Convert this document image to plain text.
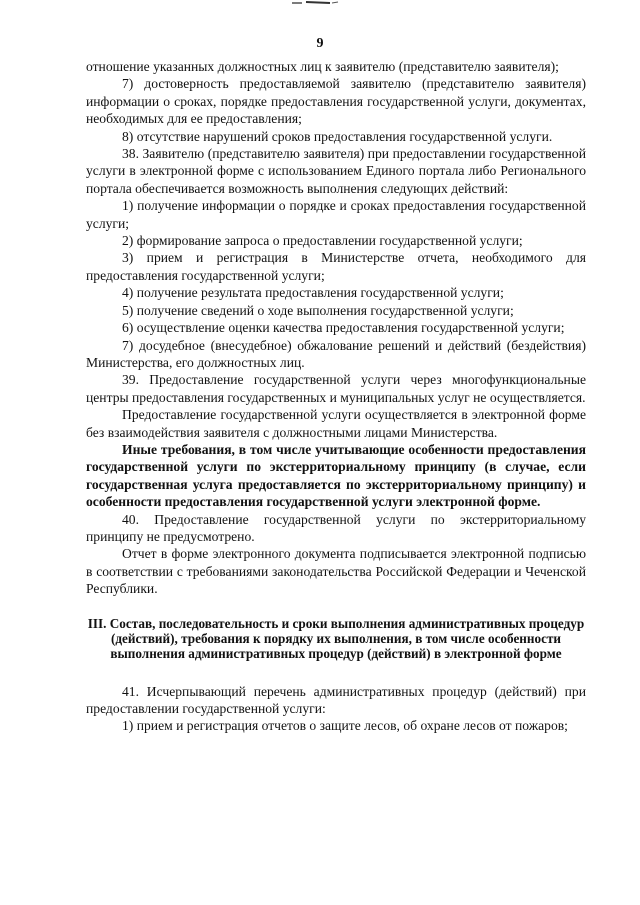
9

отношение указанных должностных лиц к заявителю (представителю заявителя);

7) достоверность предоставляемой заявителю (представителю заявителя) информации о сроках, порядке предоставления государственной услуги, документах, необходимых для ее предоставления;

8) отсутствие нарушений сроков предоставления государственной услуги.

38. Заявителю (представителю заявителя) при предоставлении государственной услуги в электронной форме с использованием Единого портала либо Регионального портала обеспечивается возможность выполнения следующих действий:

1) получение информации о порядке и сроках предоставления государственной услуги;

2) формирование запроса о предоставлении государственной услуги;

3) прием и регистрация в Министерстве отчета, необходимого для предоставления государственной услуги;

4) получение результата предоставления государственной услуги;

5) получение сведений о ходе выполнения государственной услуги;

6) осуществление оценки качества предоставления государственной услуги;

7) досудебное (внесудебное) обжалование решений и действий (бездействия) Министерства, его должностных лиц.

39. Предоставление государственной услуги через многофункциональные центры предоставления государственных и муниципальных услуг не осуществляется.

Предоставление государственной услуги осуществляется в электронной форме без взаимодействия заявителя с должностными лицами Министерства.

Иные требования, в том числе учитывающие особенности предоставления государственной услуги по экстерриториальному принципу (в случае, если государственная услуга предоставляется по экстерриториальному принципу) и особенности предоставления государственной услуги электронной форме.

40. Предоставление государственной услуги по экстерриториальному принципу не предусмотрено.

Отчет в форме электронного документа подписывается электронной подписью в соответствии с требованиями законодательства Российской Федерации и Чеченской Республики.

III. Состав, последовательность и сроки выполнения административных процедур (действий), требования к порядку их выполнения, в том числе особенности выполнения административных процедур (действий) в электронной форме

41. Исчерпывающий перечень административных процедур (действий) при предоставлении государственной услуги:

1) прием и регистрация отчетов о защите лесов, об охране лесов от пожаров;
